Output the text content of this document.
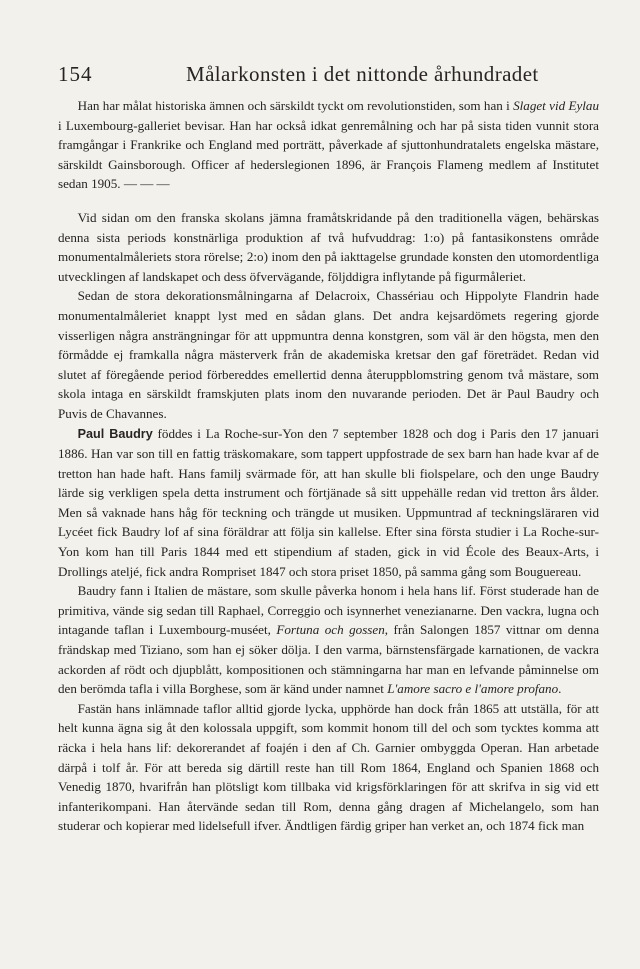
154	Målarkonsten i det nittonde århundradet

Han har målat historiska ämnen och särskildt tyckt om revolutionstiden, som han i Slaget vid Eylau i Luxembourg-galleriet bevisar. Han har också idkat genremålning och har på sista tiden vunnit stora framgångar i Frankrike och England med porträtt, påverkade af sjuttonhundratalets engelska mästare, särskildt Gainsborough. Officer af hederslegionen 1896, är François Flameng medlem af Institutet sedan 1905. — — —

Vid sidan om den franska skolans jämna framåtskridande på den traditionella vägen, behärskas denna sista periods konstnärliga produktion af två hufvuddrag: 1:o) på fantasikonstens område monumentalmåleriets stora rörelse; 2:o) inom den på iakttagelse grundade konsten den utomordentliga utvecklingen af landskapet och dess öfvervägande, följddigra inflytande på figurmåleriet.

Sedan de stora dekorationsmålningarna af Delacroix, Chassériau och Hippolyte Flandrin hade monumentalmåleriet knappt lyst med en sådan glans. Det andra kejsardömets regering gjorde visserligen några ansträngningar för att uppmuntra denna konstgren, som väl är den högsta, men den förmådde ej framkalla några mästerverk från de akademiska kretsar den gaf företrädet. Redan vid slutet af föregående period förbereddes emellertid denna återuppblomstring genom två mästare, som skola intaga en särskildt framskjuten plats inom den nuvarande perioden. Det är Paul Baudry och Puvis de Chavannes.

Paul Baudry föddes i La Roche-sur-Yon den 7 september 1828 och dog i Paris den 17 januari 1886. Han var son till en fattig träskomakare, som tappert uppfostrade de sex barn han hade kvar af de tretton han hade haft. Hans familj svärmade för, att han skulle bli fiolspelare, och den unge Baudry lärde sig verkligen spela detta instrument och förtjänade så sitt uppehälle redan vid tretton års ålder. Men så vaknade hans håg för teckning och trängde ut musiken. Uppmuntrad af teckningsläraren vid Lycéet fick Baudry lof af sina föräldrar att följa sin kallelse. Efter sina första studier i La Roche-sur-Yon kom han till Paris 1844 med ett stipendium af staden, gick in vid École des Beaux-Arts, i Drollings ateljé, fick andra Rompriset 1847 och stora priset 1850, på samma gång som Bouguereau.

Baudry fann i Italien de mästare, som skulle påverka honom i hela hans lif. Först studerade han de primitiva, vände sig sedan till Raphael, Correggio och isynnerhet venezianarne. Den vackra, lugna och intagande taflan i Luxembourg-muséet, Fortuna och gossen, från Salongen 1857 vittnar om denna frändskap med Tiziano, som han ej söker dölja. I den varma, bärnstensfärgade karnationen, de vackra ackorden af rödt och djupblått, kompositionen och stämningarna har man en lefvande påminnelse om den berömda tafla i villa Borghese, som är känd under namnet L'amore sacro e l'amore profano.

Fastän hans inlämnade taflor alltid gjorde lycka, upphörde han dock från 1865 att utställa, för att helt kunna ägna sig åt den kolossala uppgift, som kommit honom till del och som tycktes komma att räcka i hela hans lif: dekorerandet af foajén i den af Ch. Garnier ombyggda Operan. Han arbetade därpå i tolf år. För att bereda sig därtill reste han till Rom 1864, England och Spanien 1868 och Venedig 1870, hvarifrån han plötsligt kom tillbaka vid krigsförklaringen för att skrifva in sig vid ett infanterikompani. Han återvände sedan till Rom, denna gång dragen af Michelangelo, som han studerar och kopierar med lidelsefull ifver. Ändtligen färdig griper han verket an, och 1874 fick man
